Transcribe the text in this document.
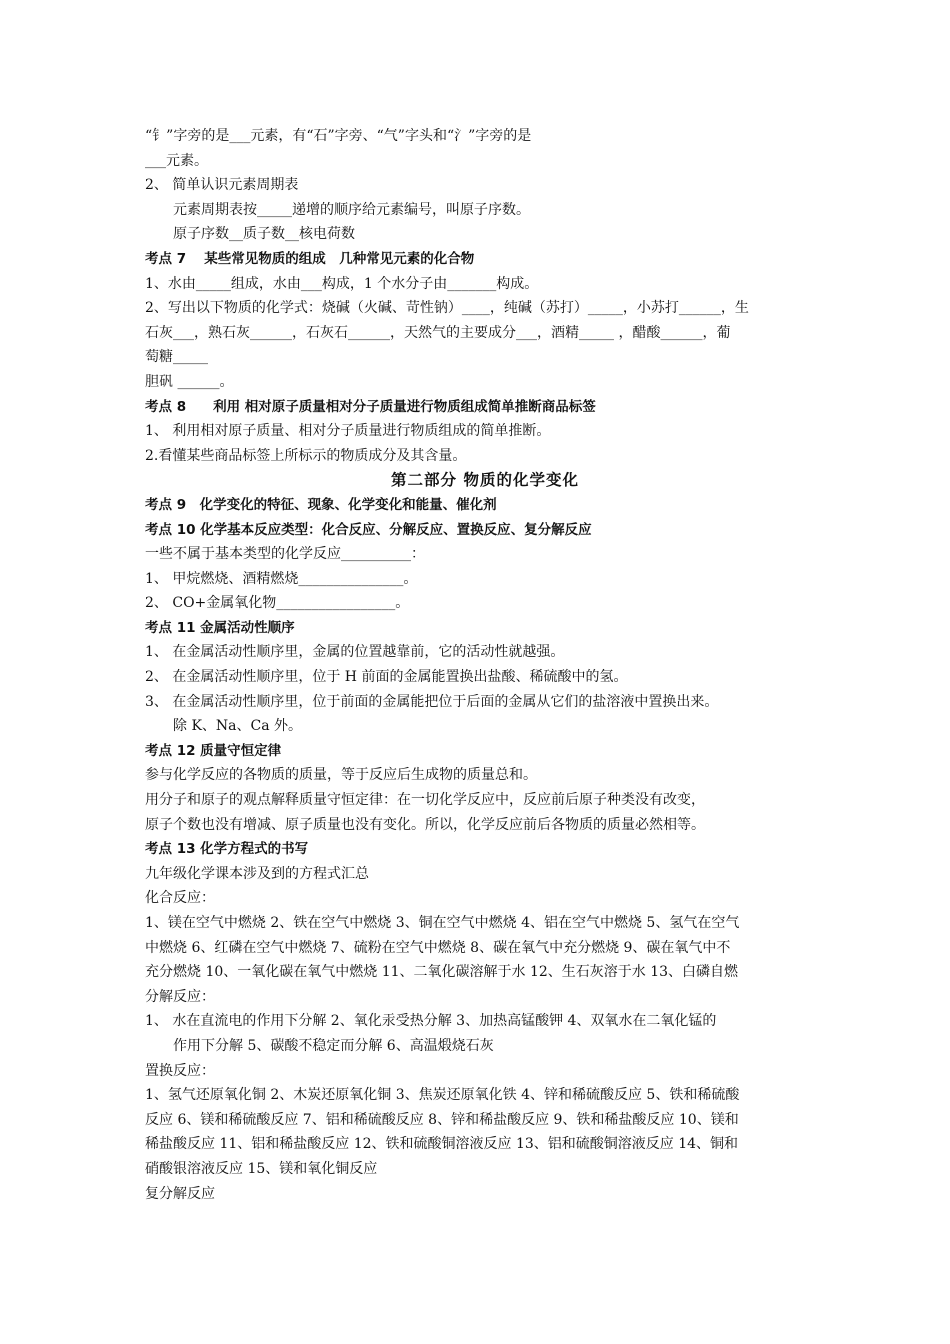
“钅”字旁的是___元素，有“石”字旁、“气”字头和“氵”字旁的是
___元素。
2、 简单认识元素周期表
元素周期表按_____递增的顺序给元素编号，叫原子序数。
原子序数__质子数__核电荷数
考点 7　 某些常见物质的组成　几种常见元素的化合物
1、水由_____组成，水由___构成，1 个水分子由_______构成。
2、写出以下物质的化学式：烧碱（火碱、苛性钠）____，纯碱（苏打）_____，小苏打______，生
石灰___，熟石灰______，石灰石______，天然气的主要成分___，酒精_____ ，醋酸______，葡
萄糖_____
胆矾 ______。
考点 8　　利用 相对原子质量相对分子质量进行物质组成简单推断商品标签
1、 利用相对原子质量、相对分子质量进行物质组成的简单推断。
2.看懂某些商品标签上所标示的物质成分及其含量。
第二部分 物质的化学变化
考点 9　化学变化的特征、现象、化学变化和能量、催化剂
考点 10 化学基本反应类型：化合反应、分解反应、置换反应、复分解反应
一些不属于基本类型的化学反应__________：
1、 甲烷燃烧、酒精燃烧_______________。
2、 CO+金属氧化物_________________。
考点 11 金属活动性顺序
1、 在金属活动性顺序里，金属的位置越靠前，它的活动性就越强。
2、 在金属活动性顺序里，位于 H 前面的金属能置换出盐酸、稀硫酸中的氢。
3、 在金属活动性顺序里，位于前面的金属能把位于后面的金属从它们的盐溶液中置换出来。
除 K、Na、Ca 外。
考点 12 质量守恒定律
参与化学反应的各物质的质量，等于反应后生成物的质量总和。
用分子和原子的观点解释质量守恒定律：在一切化学反应中，反应前后原子种类没有改变，
原子个数也没有增减、原子质量也没有变化。所以，化学反应前后各物质的质量必然相等。
考点 13 化学方程式的书写
九年级化学课本涉及到的方程式汇总
化合反应：
1、镁在空气中燃烧 2、铁在空气中燃烧 3、铜在空气中燃烧 4、铝在空气中燃烧 5、氢气在空气
中燃烧 6、红磷在空气中燃烧 7、硫粉在空气中燃烧 8、碳在氧气中充分燃烧 9、碳在氧气中不
充分燃烧 10、一氧化碳在氧气中燃烧 11、二氧化碳溶解于水 12、生石灰溶于水 13、白磷自燃
分解反应：
1、 水在直流电的作用下分解 2、氧化汞受热分解 3、加热高锰酸钾 4、双氧水在二氧化锰的
作用下分解 5、碳酸不稳定而分解 6、高温煅烧石灰
置换反应：
1、氢气还原氧化铜 2、木炭还原氧化铜 3、焦炭还原氧化铁 4、锌和稀硫酸反应 5、铁和稀硫酸
反应 6、镁和稀硫酸反应 7、铝和稀硫酸反应 8、锌和稀盐酸反应 9、铁和稀盐酸反应 10、镁和
稀盐酸反应 11、铝和稀盐酸反应 12、铁和硫酸铜溶液反应 13、铝和硫酸铜溶液反应 14、铜和
硝酸银溶液反应 15、镁和氧化铜反应
复分解反应
